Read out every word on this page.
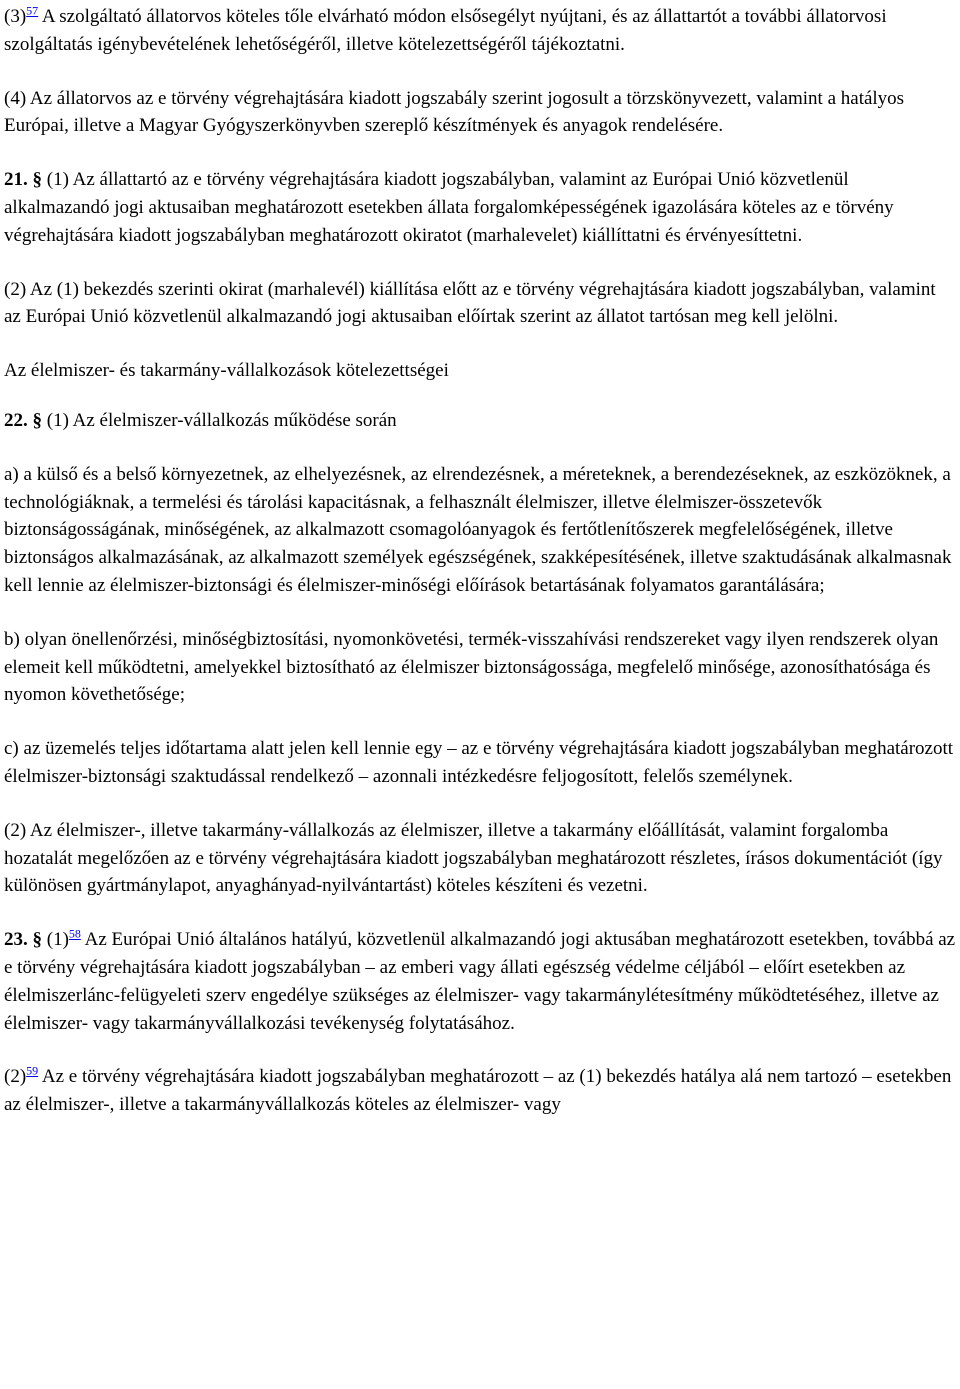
$(3)^{57}$ A szolgáltató állatorvos köteles tőle elvárható módon elsősegélyt nyújtani, és az állattartót a további állatorvosi szolgáltatás igénybevételének lehetőségéről, illetve kötelezettségéről tájékoztatni.

(4) Az állatorvos az e törvény végrehajtására kiadott jogszabály szerint jogosult a törzskönyvezett, valamint a hatályos Európai, illetve a Magyar Gyógyszerkönyvben szereplő készítmények és anyagok rendelésére.

21. § (1) Az állattartó az e törvény végrehajtására kiadott jogszabályban, valamint az Európai Unió közvetlenül alkalmazandó jogi aktusaiban meghatározott esetekben állata forgalomképességének igazolására köteles az e törvény végrehajtására kiadott jogszabályban meghatározott okiratot (marhalevelet) kiállíttatni és érvényesíttetni.

(2) Az (1) bekezdés szerinti okirat (marhalevél) kiállítása előtt az e törvény végrehajtására kiadott jogszabályban, valamint az Európai Unió közvetlenül alkalmazandó jogi aktusaiban előírtak szerint az állatot tartósan meg kell jelölni.

Az élelmiszer- és takarmány-vállalkozások kötelezettségei

22. § (1) Az élelmiszer-vállalkozás működése során

a) a külső és a belső környezetnek, az elhelyezésnek, az elrendezésnek, a méreteknek, a berendezéseknek, az eszközöknek, a technológiáknak, a termelési és tárolási kapacitásnak, a felhasznált élelmiszer, illetve élelmiszer-összetevők biztonságosságának, minőségének, az alkalmazott csomagolóanyagok és fertőtlenítőszerek megfelelőségének, illetve biztonságos alkalmazásának, az alkalmazott személyek egészségének, szakképesítésének, illetve szaktudásának alkalmasnak kell lennie az élelmiszer-biztonsági és élelmiszer-minőségi előírások betartásának folyamatos garantálására;

b) olyan önellenőrzési, minőségbiztosítási, nyomonkövetési, termék-visszahívási rendszereket vagy ilyen rendszerek olyan elemeit kell működtetni, amelyekkel biztosítható az élelmiszer biztonságossága, megfelelő minősége, azonosíthatósága és nyomon követhetősége;

c) az üzemelés teljes időtartama alatt jelen kell lennie egy – az e törvény végrehajtására kiadott jogszabályban meghatározott élelmiszer-biztonsági szaktudással rendelkező – azonnali intézkedésre feljogosított, felelős személynek.

(2) Az élelmiszer-, illetve takarmány-vállalkozás az élelmiszer, illetve a takarmány előállítását, valamint forgalomba hozatalát megelőzően az e törvény végrehajtására kiadott jogszabályban meghatározott részletes, írásos dokumentációt (így különösen gyártmánylapot, anyaghányad-nyilvántartást) köteles készíteni és vezetni.

23. § $(1)^{58}$ Az Európai Unió általános hatályú, közvetlenül alkalmazandó jogi aktusában meghatározott esetekben, továbbá az e törvény végrehajtására kiadott jogszabályban – az emberi vagy állati egészség védelme céljából – előírt esetekben az élelmiszerlánc-felügyeleti szerv engedélye szükséges az élelmiszer- vagy takarmánylétesítmény működtetéséhez, illetve az élelmiszer- vagy takarmányvállalkozási tevékenység folytatásához.

$(2)^{59}$ Az e törvény végrehajtására kiadott jogszabályban meghatározott – az (1) bekezdés hatálya alá nem tartozó – esetekben az élelmiszer-, illetve a takarmányvállalkozás köteles az élelmiszer- vagy
